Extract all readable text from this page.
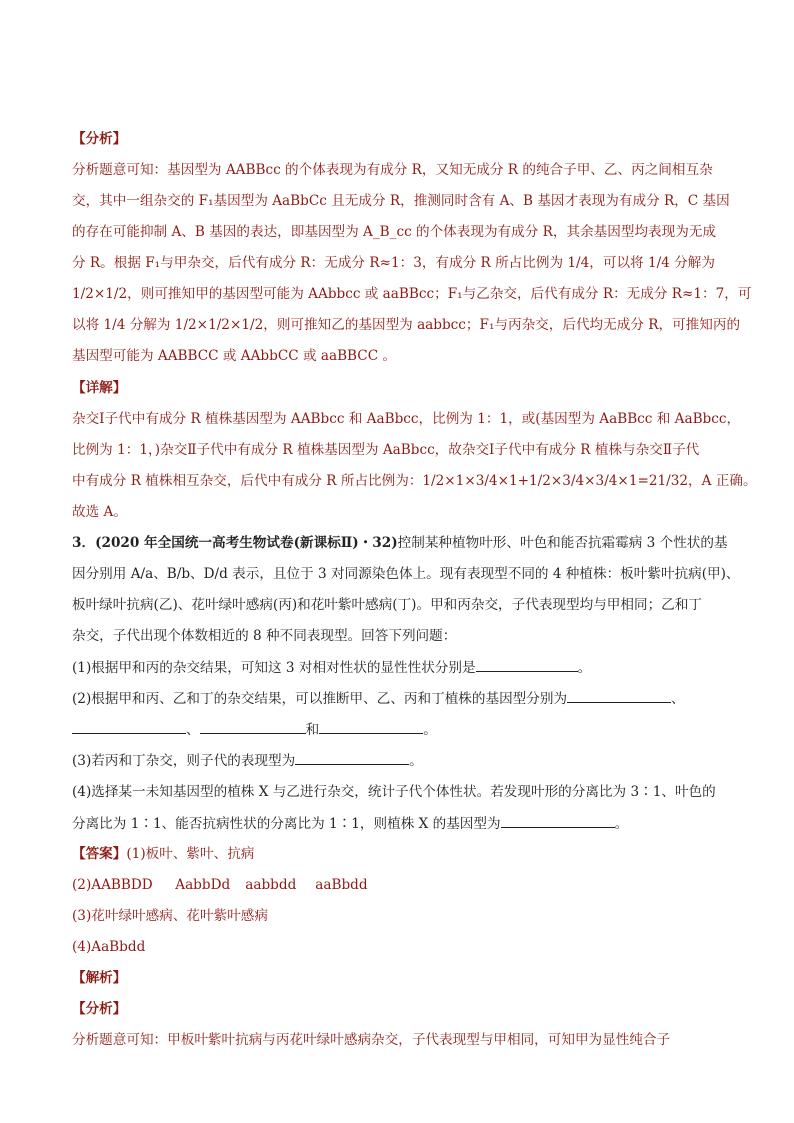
【分析】
分析题意可知：基因型为 AABBcc 的个体表现为有成分 R，又知无成分 R 的纯合子甲、乙、丙之间相互杂
交，其中一组杂交的 F₁基因型为 AaBbCc 且无成分 R，推测同时含有 A、B 基因才表现为有成分 R，C 基因
的存在可能抑制 A、B 基因的表达，即基因型为 A_B_cc 的个体表现为有成分 R，其余基因型均表现为无成
分 R。根据 F₁与甲杂交，后代有成分 R：无成分 R≈1：3，有成分 R 所占比例为 1/4，可以将 1/4 分解为
1/2×1/2，则可推知甲的基因型可能为 AAbbcc 或 aaBBcc；F₁与乙杂交，后代有成分 R：无成分 R≈1：7，可
以将 1/4 分解为 1/2×1/2×1/2，则可推知乙的基因型为 aabbcc；F₁与丙杂交，后代均无成分 R，可推知丙的
基因型可能为 AABBCC 或 AAbbCC 或 aaBBCC 。
【详解】
杂交Ⅰ子代中有成分 R 植株基因型为 AABbcc 和 AaBbcc，比例为 1：1，或(基因型为 AaBBcc 和 AaBbcc，
比例为 1：1，)杂交Ⅱ子代中有成分 R 植株基因型为 AaBbcc，故杂交Ⅰ子代中有成分 R 植株与杂交Ⅱ子代
中有成分 R 植株相互杂交，后代中有成分 R 所占比例为：1/2×1×3/4×1+1/2×3/4×3/4×1=21/32，A 正确。
故选 A。
3．(2020 年全国统一高考生物试卷(新课标Ⅱ)・32)控制某种植物叶形、叶色和能否抗霜霉病 3 个性状的基
因分别用 A/a、B/b、D/d 表示，且位于 3 对同源染色体上。现有表现型不同的 4 种植株：板叶紫叶抗病(甲)、
板叶绿叶抗病(乙)、花叶绿叶感病(丙)和花叶紫叶感病(丁)。甲和丙杂交，子代表现型均与甲相同；乙和丁
杂交，子代出现个体数相近的 8 种不同表现型。回答下列问题：
(1)根据甲和丙的杂交结果，可知这 3 对相对性状的显性性状分别是	。
(2)根据甲和丙、乙和丁的杂交结果，可以推断甲、乙、丙和丁植株的基因型分别为	、
、	和	。
(3)若丙和丁杂交，则子代的表现型为	。
(4)选择某一未知基因型的植株 X 与乙进行杂交，统计子代个体性状。若发现叶形的分离比为 3∶1、叶色的
分离比为 1∶1、能否抗病性状的分离比为 1∶1，则植株 X 的基因型为	。
【答案】(1)板叶、紫叶、抗病
(2)AABBDD AabbDd aabbdd aaBbdd
(3)花叶绿叶感病、花叶紫叶感病
(4)AaBbdd
【解析】
【分析】
分析题意可知：甲板叶紫叶抗病与丙花叶绿叶感病杂交，子代表现型与甲相同，可知甲为显性纯合子
